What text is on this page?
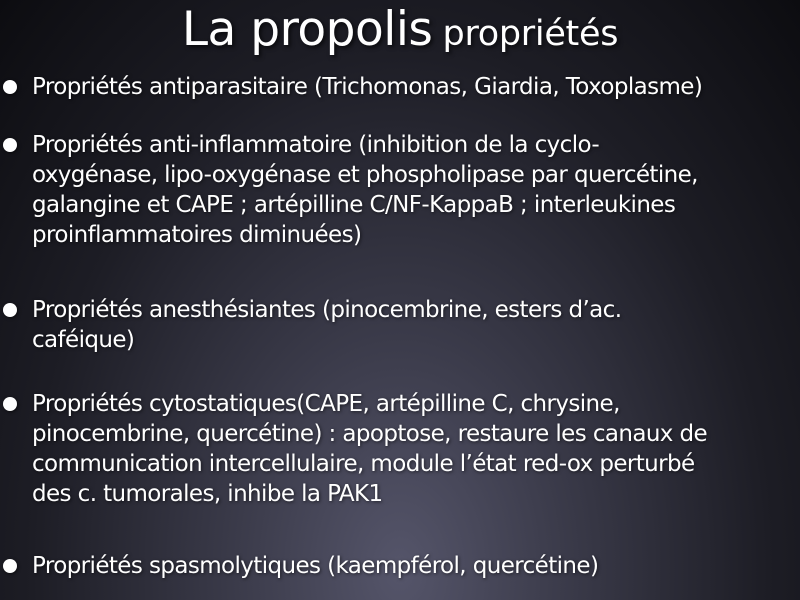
La propolis propriétés
Propriétés antiparasitaire (Trichomonas, Giardia, Toxoplasme)
Propriétés anti-inflammatoire (inhibition de la cyclo-
oxygénase, lipo-oxygénase et phospholipase par quercétine,
galangine et CAPE ; artépilline C/NF-KappaB ; interleukines
proinflammatoires diminuées)
Propriétés anesthésiantes (pinocembrine, esters d’ac.
caféique)
Propriétés cytostatiques(CAPE, artépilline C, chrysine,
pinocembrine, quercétine) : apoptose, restaure les canaux de
communication intercellulaire, module l’état red-ox perturbé
des c. tumorales, inhibe la PAK1
Propriétés spasmolytiques (kaempférol, quercétine)
